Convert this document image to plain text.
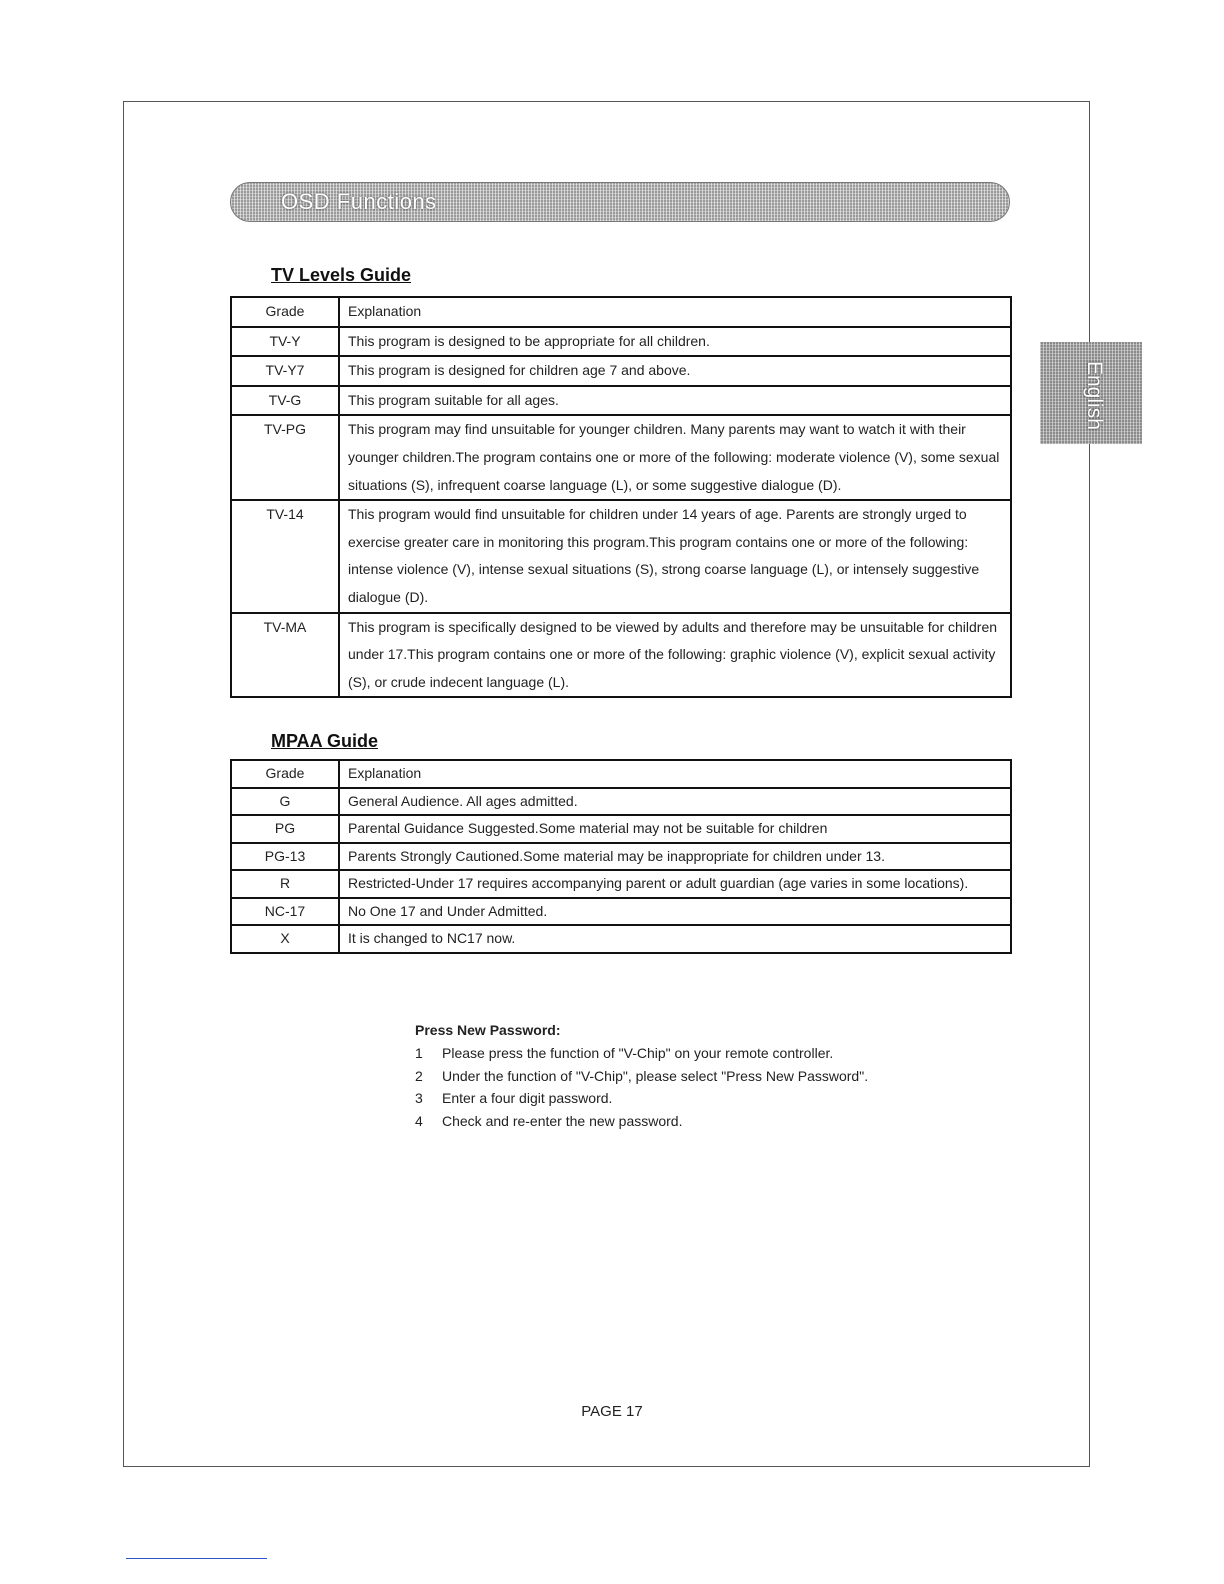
OSD Functions
English
TV Levels Guide
Grade	Explanation
TV-Y	This program is designed to be appropriate for all children.
TV-Y7	This program is designed for children age 7 and above.
TV-G	This program suitable for all ages.
TV-PG	This program may find unsuitable for younger children. Many parents may want to watch it with their younger children.The program contains one or more of the following: moderate violence (V), some sexual situations (S), infrequent coarse language (L), or some suggestive dialogue (D).
TV-14	This program would find unsuitable for children under 14 years of age. Parents are strongly urged to exercise greater care in monitoring this program.This program contains one or more of the following: intense violence (V), intense sexual situations (S), strong coarse language (L), or intensely suggestive dialogue (D).
TV-MA	This program is specifically designed to be viewed by adults and therefore may be unsuitable for children under 17.This program contains one or more of the following: graphic violence (V), explicit sexual activity (S), or crude indecent language (L).
MPAA Guide
Grade	Explanation
G	General Audience. All ages admitted.
PG	Parental Guidance Suggested.Some material may not be suitable for children
PG-13	Parents Strongly Cautioned.Some material may be inappropriate for children under 13.
R	Restricted-Under 17 requires accompanying parent or adult guardian (age varies in some locations).
NC-17	No One 17 and Under Admitted.
X	It is changed to NC17 now.
Press New Password:
1 Please press the function of "V-Chip" on your remote controller.
2 Under the function of "V-Chip", please select "Press New Password".
3 Enter a four digit password.
4 Check and re-enter the new password.
PAGE 17
